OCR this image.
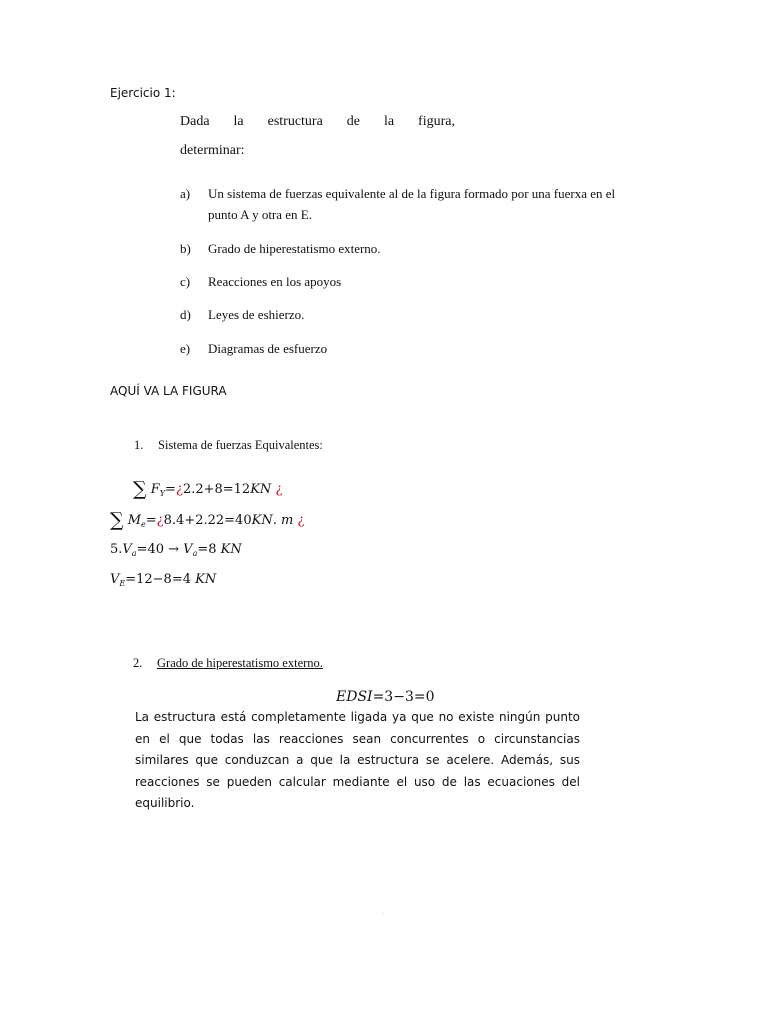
Ejercicio 1:
Dada la estructura de la figura,
determinar:
a) Un sistema de fuerzas equivalente al de la figura formado por una fuerxa en el punto A y otra en E.
b) Grado de hiperestatismo externo.
c) Reacciones en los apoyos
d) Leyes de eshierzo.
e) Diagramas de esfuerzo
AQUÍ VA LA FIGURA
1. Sistema de fuerzas Equivalentes:
∑ $F_Y=¿2.2+8=12KN$ ¿
∑ $M_e=¿8.4+2.22=40KN$. m ¿
$5.V_a=40 \to V_a=8$ KN
$V_E=12-8=4$ KN
2. Grado de hiperestatismo externo.
EDSI=3−3=0
La estructura está completamente ligada ya que no existe ningún punto en el que todas las reacciones sean concurrentes o circunstancias similares que conduzcan a que la estructura se acelere. Además, sus reacciones se pueden calcular mediante el uso de las ecuaciones del equilibrio.
·
